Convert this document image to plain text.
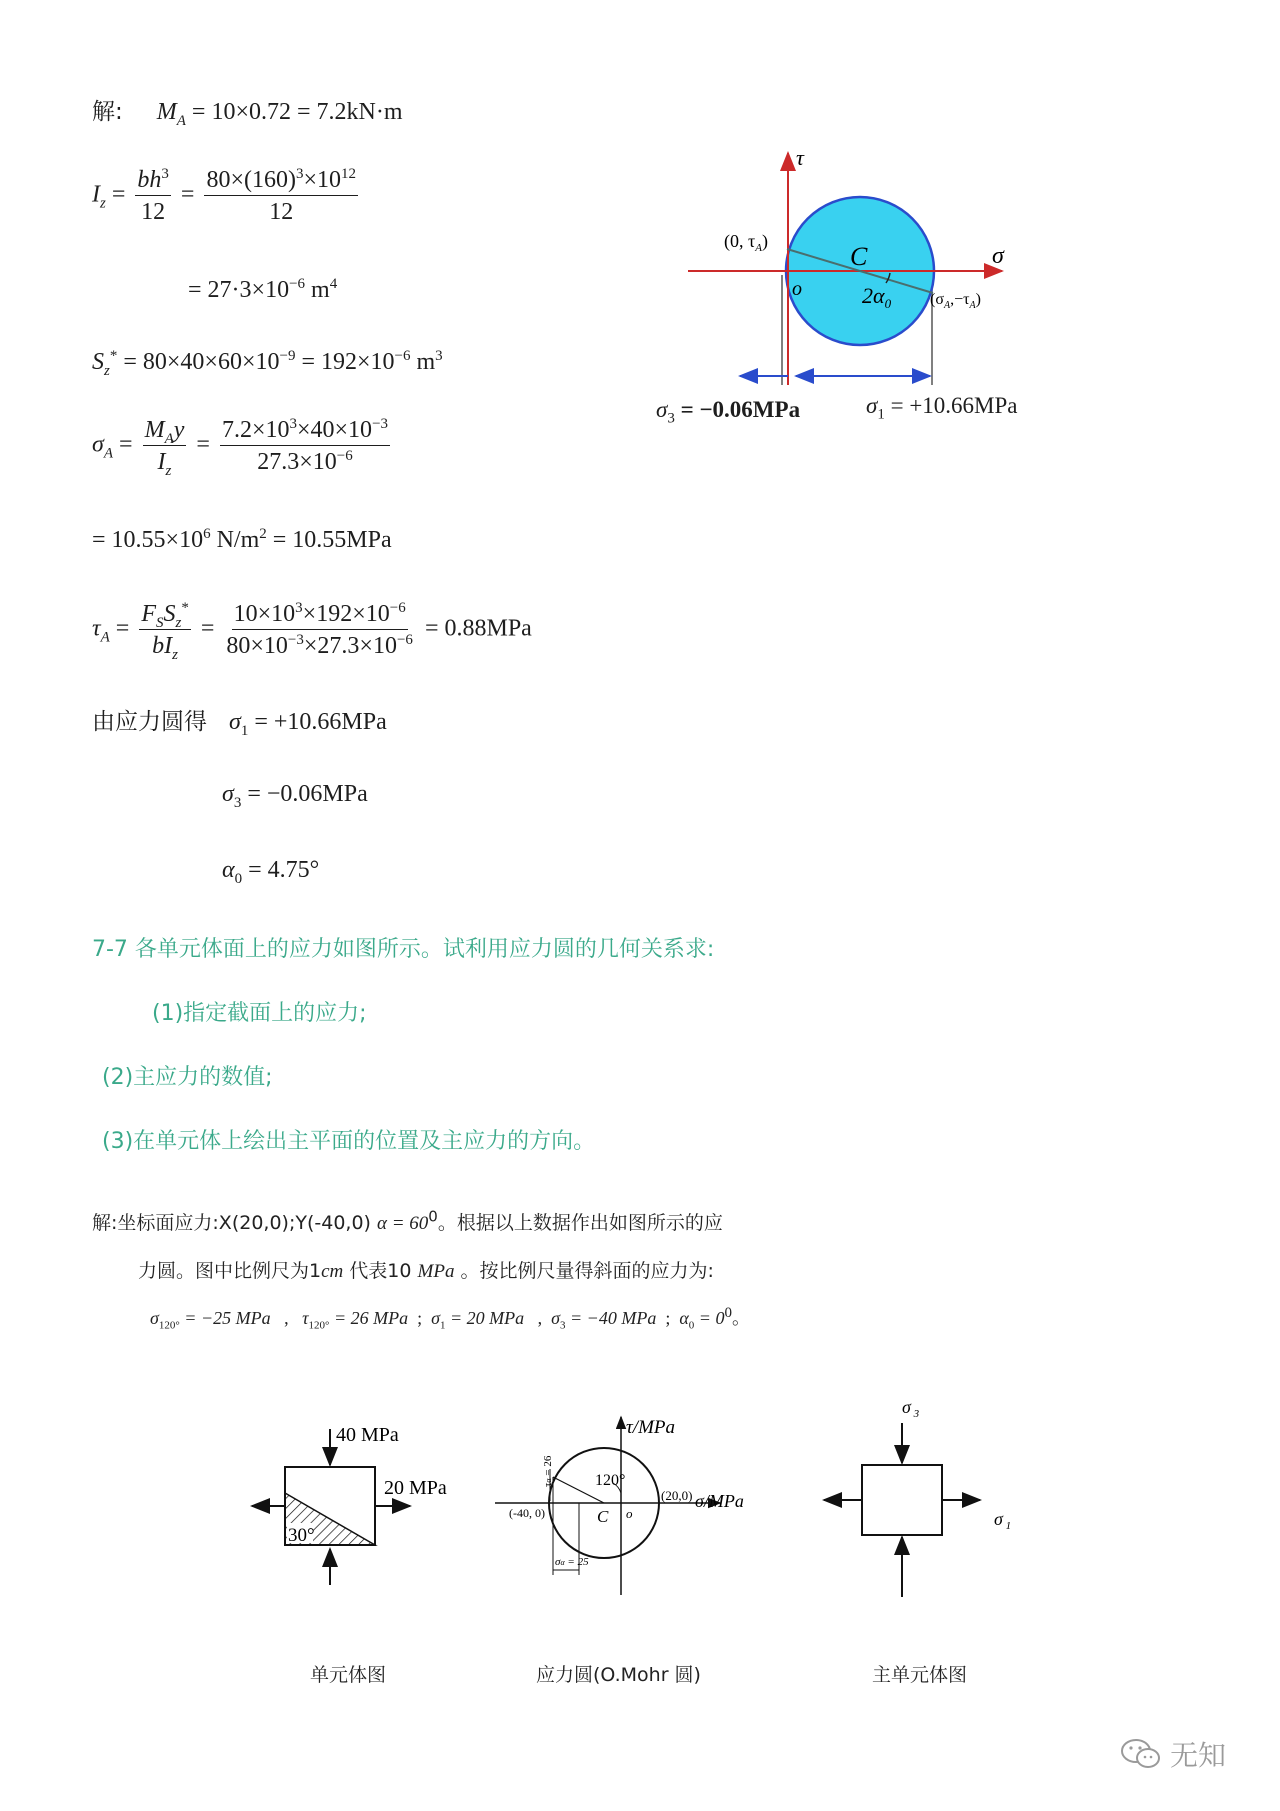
解: $M_A = 10\times 0.72 = 7.2kN\cdot m$
$I_z = \frac{bh^3}{12} = \frac{80\times(160)^3\times 10^{12}}{12}$
= $27\cdot 3\times 10^{-6}$ $m^4$
$S_z^* = 80\times 40\times 60\times 10^{-9} = 192\times 10^{-6}$ $m^3$
$\sigma_A = \frac{M_Ay}{I_z} = \frac{7.2\times 10^3\times 40\times 10^{-3}}{27.3\times 10^{-6}}$
= $10.55\times 10^6$ $N/m^2 = 10.55MPa$
$\tau_A = \frac{F_SS_z^*}{bI_z} = \frac{10\times 10^3\times 192\times 10^{-6}}{80\times 10^{-3}\times 27.3\times 10^{-6}} = 0.88MPa$
由应力圆得 $\sigma_1 = +10.66MPa$
$\sigma_3 = -0.06MPa$
$\alpha_0 = 4.75^\circ$
τ
σ
(0, $\tau_A$)
$(\sigma_A,-\tau_A)$
C
o	$2\alpha_0$
$\sigma_3 = -0.06MPa$	$\sigma_1 = +10.66MPa$
7-7 各单元体面上的应力如图所示。试利用应力圆的几何关系求:
(1)指定截面上的应力;
(2)主应力的数值;
(3)在单元体上绘出主平面的位置及主应力的方向。
解:坐标面应力:X(20,0);Y(-40,0) $\alpha = 60^0$。根据以上数据作出如图所示的应
力圆。图中比例尺为1cm 代表10 MPa 。按比例尺量得斜面的应力为:
$\sigma_{120^\circ} = -25$ MPa   ,   $\tau_{120^\circ} = 26$ MPa  ;  $\sigma_1 = 20$ MPa   ,  $\sigma_3 = -40$ MPa  ;  $\alpha_0 = 0^0$。
30°
40 MPa
20 MPa
τ/MPa
σ/MPa
120°
τα = 26
(20,0)
(-40, 0)	C o
σα = 25
σ $_3$
σ $_1$
单元体图	应力圆(O.Mohr 圆)	主单元体图
无知
